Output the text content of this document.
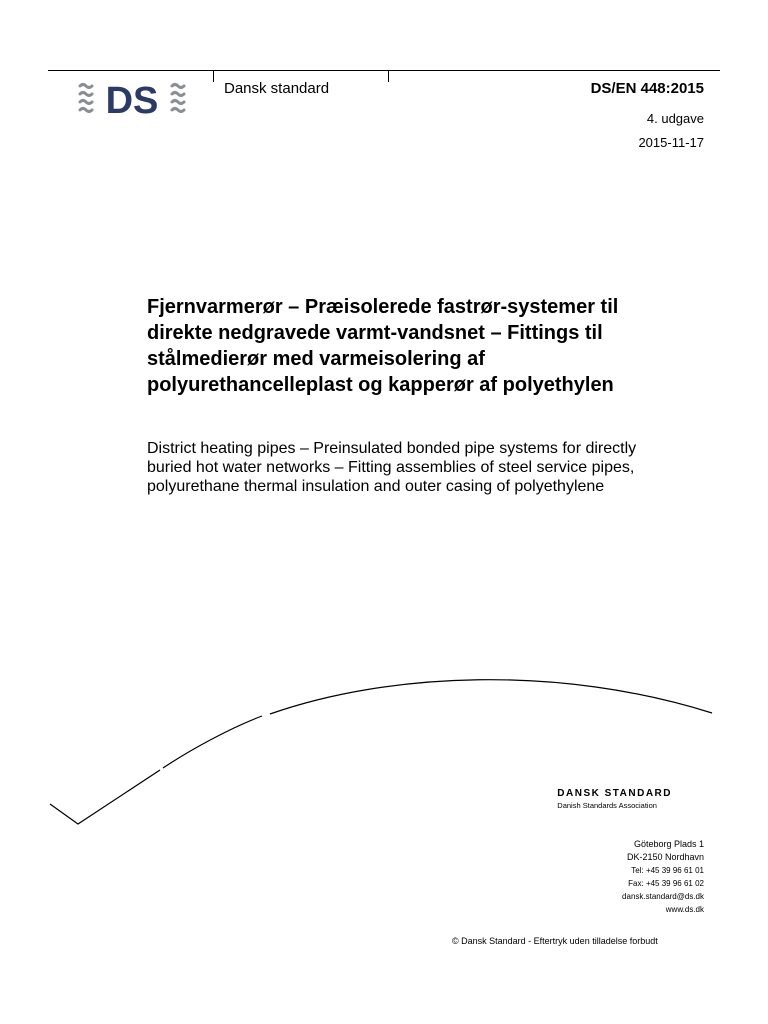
DS	Dansk standard	DS/EN 448:2015
4. udgave
2015-11-17
Fjernvarmerør – Præisolerede fastrør-systemer til direkte nedgravede varmt-vandsnet – Fittings til stålmedierør med varmeisolering af polyurethancelleplast og kapperør af polyethylen
District heating pipes – Preinsulated bonded pipe systems for directly buried hot water networks – Fitting assemblies of steel service pipes, polyurethane thermal insulation and outer casing of polyethylene
DANSK STANDARD
Danish Standards Association
Göteborg Plads 1
DK-2150 Nordhavn
Tel: +45 39 96 61 01
Fax: +45 39 96 61 02
dansk.standard@ds.dk
www.ds.dk
© Dansk Standard - Eftertryk uden tilladelse forbudt
